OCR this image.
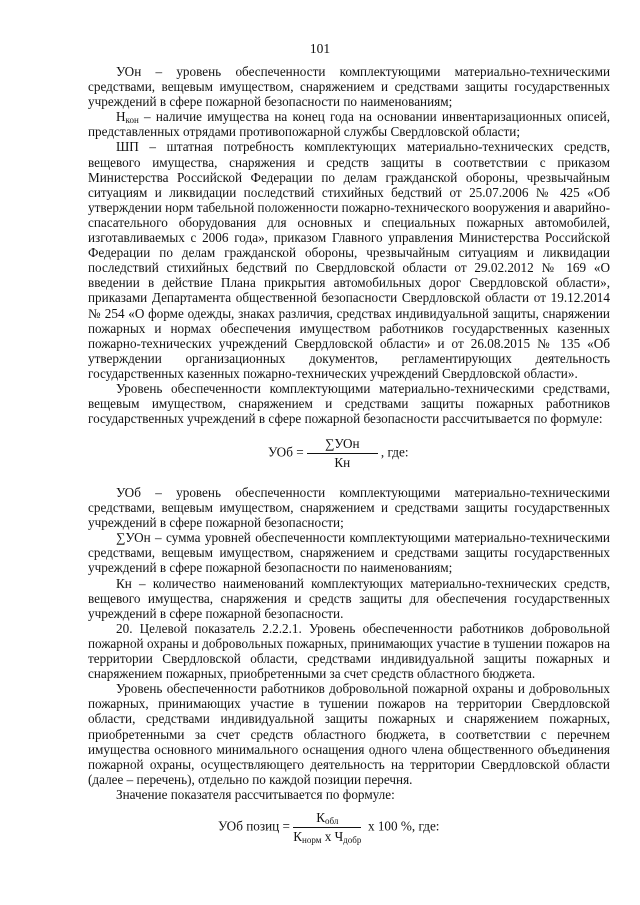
101

УОн – уровень обеспеченности комплектующими материально-техническими средствами, вещевым имуществом, снаряжением и средствами защиты государственных учреждений в сфере пожарной безопасности по наименованиям;

$Н_{кон}$ – наличие имущества на конец года на основании инвентаризационных описей, представленных отрядами противопожарной службы Свердловской области;

ШП – штатная потребность комплектующих материально-технических средств, вещевого имущества, снаряжения и средств защиты в соответствии с приказом Министерства Российской Федерации по делам гражданской обороны, чрезвычайным ситуациям и ликвидации последствий стихийных бедствий от 25.07.2006 № 425 «Об утверждении норм табельной положенности пожарно-технического вооружения и аварийно-спасательного оборудования для основных и специальных пожарных автомобилей, изготавливаемых с 2006 года», приказом Главного управления Министерства Российской Федерации по делам гражданской обороны, чрезвычайным ситуациям и ликвидации последствий стихийных бедствий по Свердловской области от 29.02.2012 № 169 «О введении в действие Плана прикрытия автомобильных дорог Свердловской области», приказами Департамента общественной безопасности Свердловской области от 19.12.2014 № 254 «О форме одежды, знаках различия, средствах индивидуальной защиты, снаряжении пожарных и нормах обеспечения имуществом работников государственных казенных пожарно-технических учреждений Свердловской области» и от 26.08.2015 № 135 «Об утверждении организационных документов, регламентирующих деятельность государственных казенных пожарно-технических учреждений Свердловской области».

Уровень обеспеченности комплектующими материально-техническими средствами, вещевым имуществом, снаряжением и средствами защиты пожарных работников государственных учреждений в сфере пожарной безопасности рассчитывается по формуле:

УОб = $\frac{\text{∑УОн}}{Кн}$ , где:

УОб – уровень обеспеченности комплектующими материально-техническими средствами, вещевым имуществом, снаряжением и средствами защиты государственных учреждений в сфере пожарной безопасности;

∑УОн – сумма уровней обеспеченности комплектующими материально-техническими средствами, вещевым имуществом, снаряжением и средствами защиты государственных учреждений в сфере пожарной безопасности по наименованиям;

Кн – количество наименований комплектующих материально-технических средств, вещевого имущества, снаряжения и средств защиты для обеспечения государственных учреждений в сфере пожарной безопасности.

20. Целевой показатель 2.2.2.1. Уровень обеспеченности работников добровольной пожарной охраны и добровольных пожарных, принимающих участие в тушении пожаров на территории Свердловской области, средствами индивидуальной защиты пожарных и снаряжением пожарных, приобретенными за счет средств областного бюджета.

Уровень обеспеченности работников добровольной пожарной охраны и добровольных пожарных, принимающих участие в тушении пожаров на территории Свердловской области, средствами индивидуальной защиты пожарных и снаряжением пожарных, приобретенными за счет средств областного бюджета, в соответствии с перечнем имущества основного минимального оснащения одного члена общественного объединения пожарной охраны, осуществляющего деятельность на территории Свердловской области (далее – перечень), отдельно по каждой позиции перечня.

Значение показателя рассчитывается по формуле:

УОб позиц = $\frac{К_{обл}}{К_{норм} х Ч_{добр}}$ х 100 %, где:
